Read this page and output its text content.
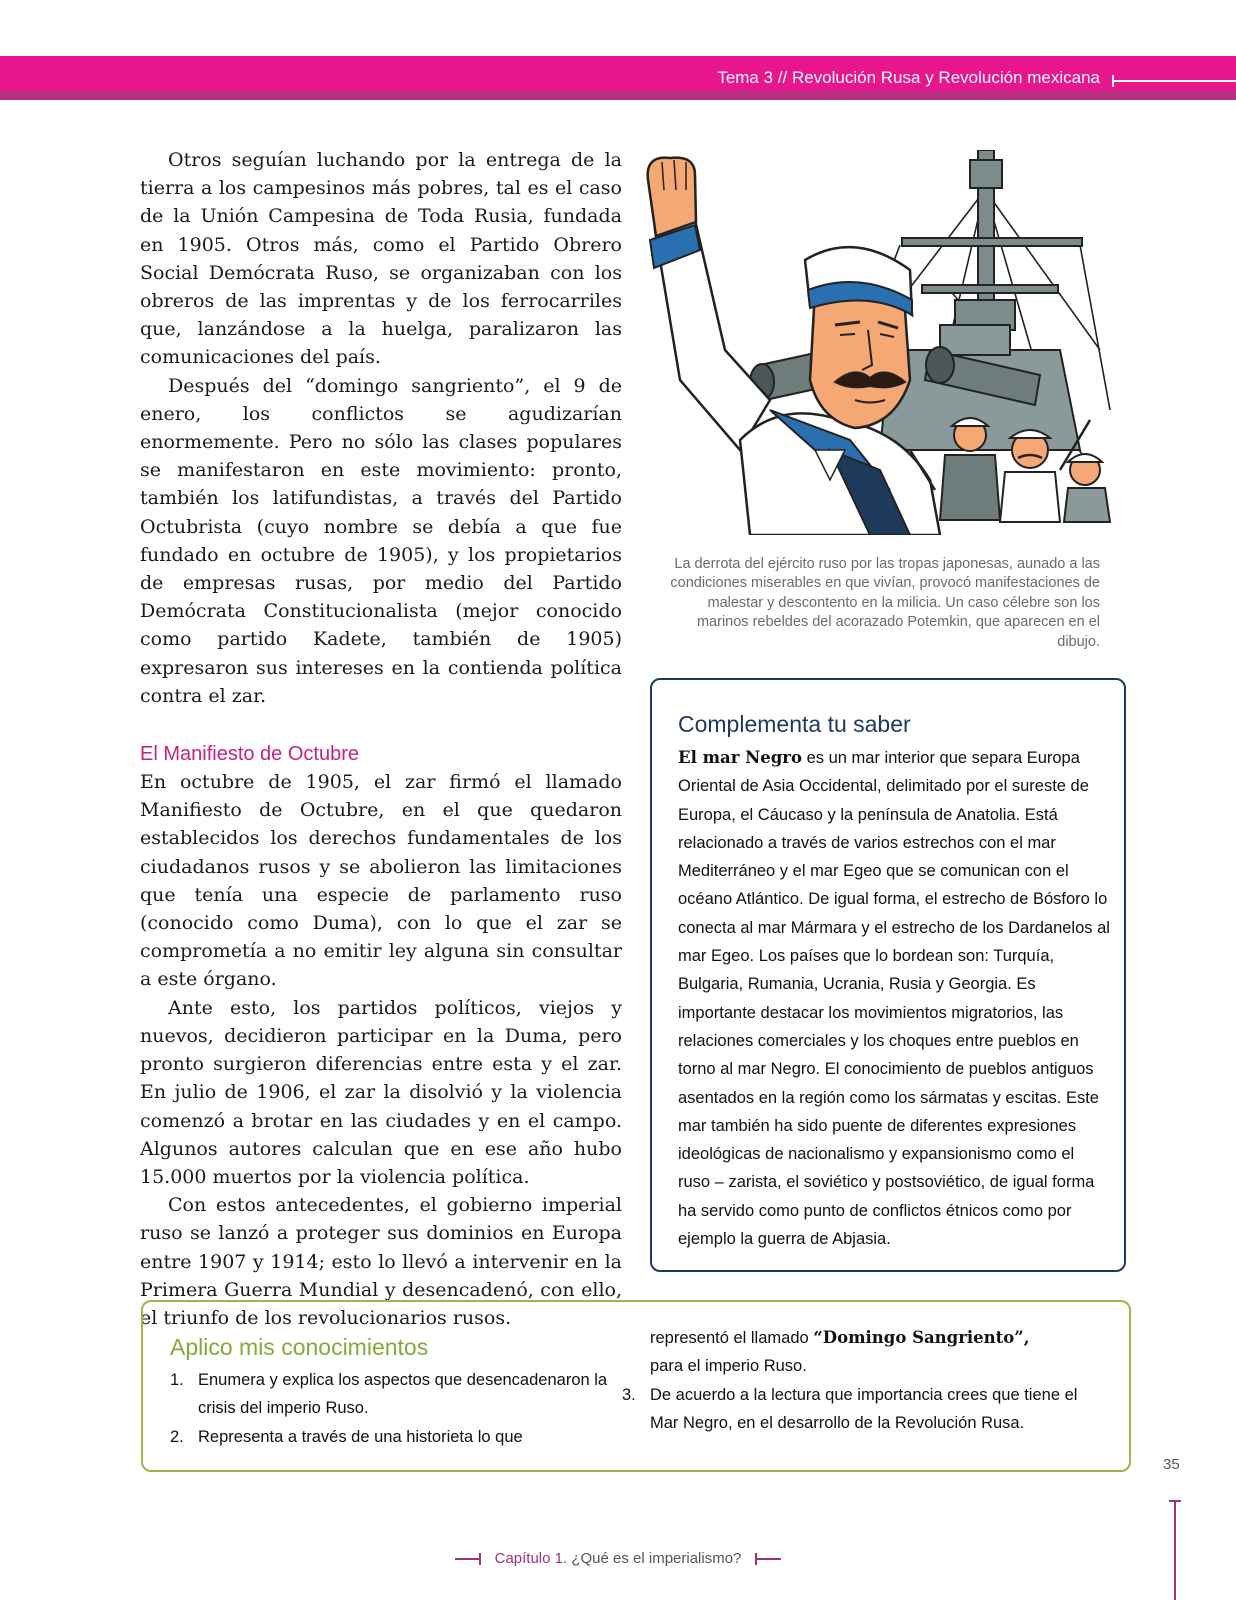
Tema 3 // Revolución Rusa y Revolución mexicana

Otros seguían luchando por la entrega de la tierra a los campesinos más pobres, tal es el caso de la Unión Campesina de Toda Rusia, fundada en 1905. Otros más, como el Partido Obrero Social Demócrata Ruso, se organizaban con los obreros de las imprentas y de los ferrocarriles que, lanzándose a la huelga, paralizaron las comunicaciones del país.

Después del “domingo sangriento”, el 9 de enero, los conflictos se agudizarían enormemente. Pero no sólo las clases populares se manifestaron en este movimiento: pronto, también los latifundistas, a través del Partido Octubrista (cuyo nombre se debía a que fue fundado en octubre de 1905), y los propietarios de empresas rusas, por medio del Partido Demócrata Constitucionalista (mejor conocido como partido Kadete, también de 1905) expresaron sus intereses en la contienda política contra el zar.

El Manifiesto de Octubre

En octubre de 1905, el zar firmó el llamado Manifiesto de Octubre, en el que quedaron establecidos los derechos fundamentales de los ciudadanos rusos y se abolieron las limitaciones que tenía una especie de parlamento ruso (conocido como Duma), con lo que el zar se comprometía a no emitir ley alguna sin consultar a este órgano.

Ante esto, los partidos políticos, viejos y nuevos, decidieron participar en la Duma, pero pronto surgieron diferencias entre esta y el zar. En julio de 1906, el zar la disolvió y la violencia comenzó a brotar en las ciudades y en el campo. Algunos autores calculan que en ese año hubo 15.000 muertos por la violencia política.

Con estos antecedentes, el gobierno imperial ruso se lanzó a proteger sus dominios en Europa entre 1907 y 1914; esto lo llevó a intervenir en la Primera Guerra Mundial y desencadenó, con ello, el triunfo de los revolucionarios rusos.

La derrota del ejército ruso por las tropas japonesas, aunado a las condiciones miserables en que vivían, provocó manifestaciones de malestar y descontento en la milicia. Un caso célebre son los marinos rebeldes del acorazado Potemkin, que aparecen en el dibujo.
Complementa tu saber
El mar Negro es un mar interior que separa Europa Oriental de Asia Occidental, delimitado por el sureste de Europa, el Cáucaso y la península de Anatolia. Está relacionado a través de varios estrechos con el mar Mediterráneo y el mar Egeo que se comunican con el océano Atlántico. De igual forma, el estrecho de Bósforo lo conecta al mar Mármara y el estrecho de los Dardanelos al mar Egeo. Los países que lo bordean son: Turquía, Bulgaria, Rumania, Ucrania, Rusia y Georgia. Es importante destacar los movimientos migratorios, las relaciones comerciales y los choques entre pueblos en torno al mar Negro. El conocimiento de pueblos antiguos asentados en la región como los sármatas y escitas. Este mar también ha sido puente de diferentes expresiones ideológicas de nacionalismo y expansionismo como el ruso – zarista, el soviético y postsoviético, de igual forma ha servido como punto de conflictos étnicos como por ejemplo la guerra de Abjasia.
Aplico mis conocimientos
1. Enumera y explica los aspectos que desencadenaron la crisis del imperio Ruso.
2. Representa a través de una historieta lo que
representó el llamado “Domingo Sangriento”,
para el imperio Ruso.
3. De acuerdo a la lectura que importancia crees que tiene el Mar Negro, en el desarrollo de la Revolución Rusa.
35
Capítulo 1. ¿Qué es el imperialismo?
